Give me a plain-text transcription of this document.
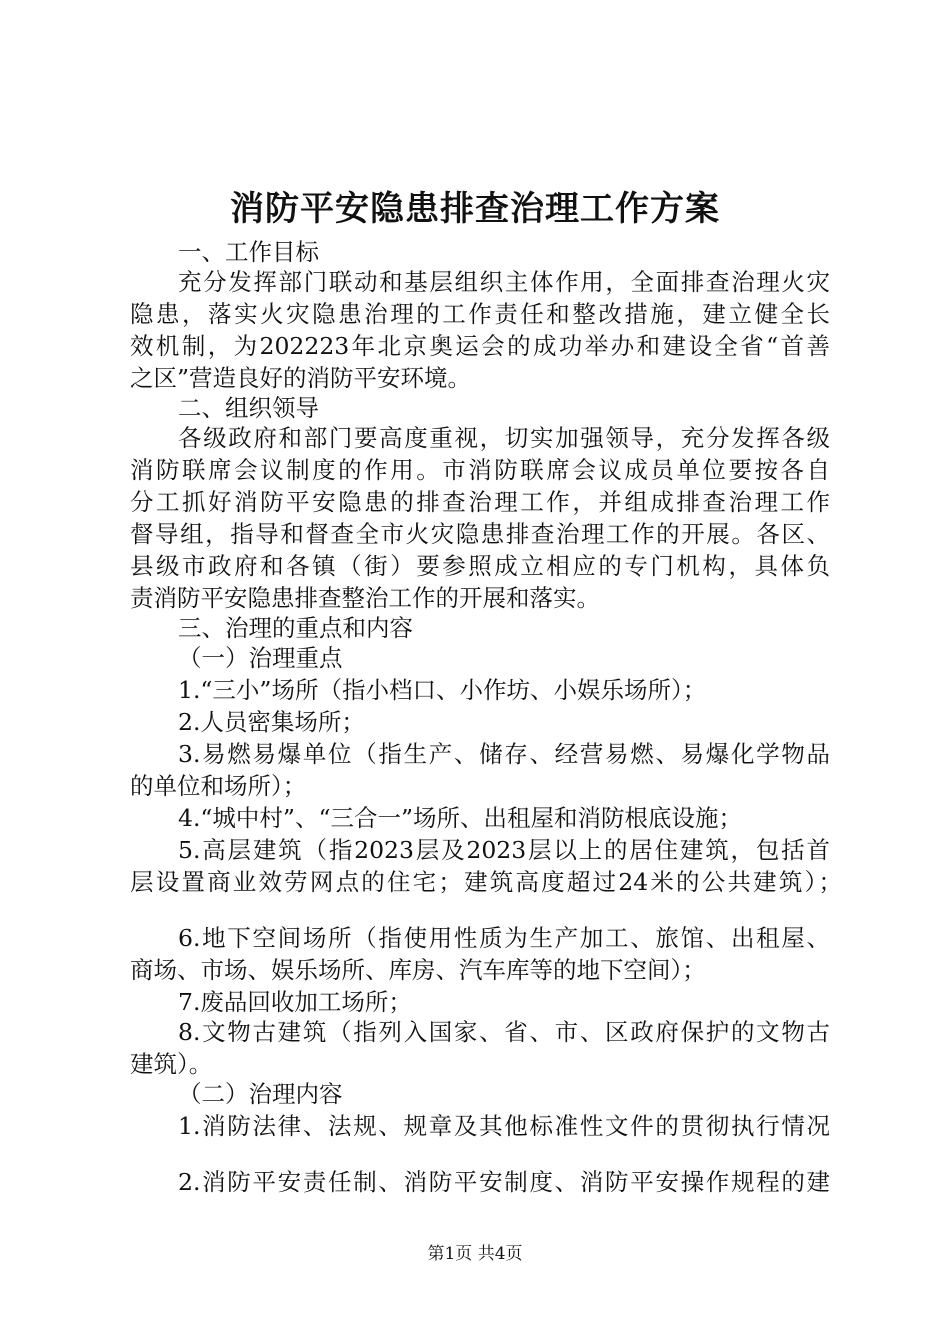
消防平安隐患排查治理工作方案

一、工作目标

充分发挥部门联动和基层组织主体作用，全面排查治理火灾

隐患，落实火灾隐患治理的工作责任和整改措施，建立健全长

效机制，为202223年北京奥运会的成功举办和建设全省“首善

之区”营造良好的消防平安环境。

二、组织领导

各级政府和部门要高度重视，切实加强领导，充分发挥各级

消防联席会议制度的作用。市消防联席会议成员单位要按各自

分工抓好消防平安隐患的排查治理工作，并组成排查治理工作

督导组，指导和督查全市火灾隐患排查治理工作的开展。各区、

县级市政府和各镇（街）要参照成立相应的专门机构，具体负

责消防平安隐患排查整治工作的开展和落实。

三、治理的重点和内容

（一）治理重点

1.“三小”场所（指小档口、小作坊、小娱乐场所）；

2.人员密集场所；

3.易燃易爆单位（指生产、储存、经营易燃、易爆化学物品

的单位和场所）；

4.“城中村”、“三合一”场所、出租屋和消防根底设施；

5.高层建筑（指2023层及2023层以上的居住建筑，包括首

层设置商业效劳网点的住宅；建筑高度超过24米的公共建筑）；

6.地下空间场所（指使用性质为生产加工、旅馆、出租屋、

商场、市场、娱乐场所、库房、汽车库等的地下空间）；

7.废品回收加工场所；

8.文物古建筑（指列入国家、省、市、区政府保护的文物古

建筑）。

（二）治理内容

1.消防法律、法规、规章及其他标准性文件的贯彻执行情况

2.消防平安责任制、消防平安制度、消防平安操作规程的建

第1页 共4页
